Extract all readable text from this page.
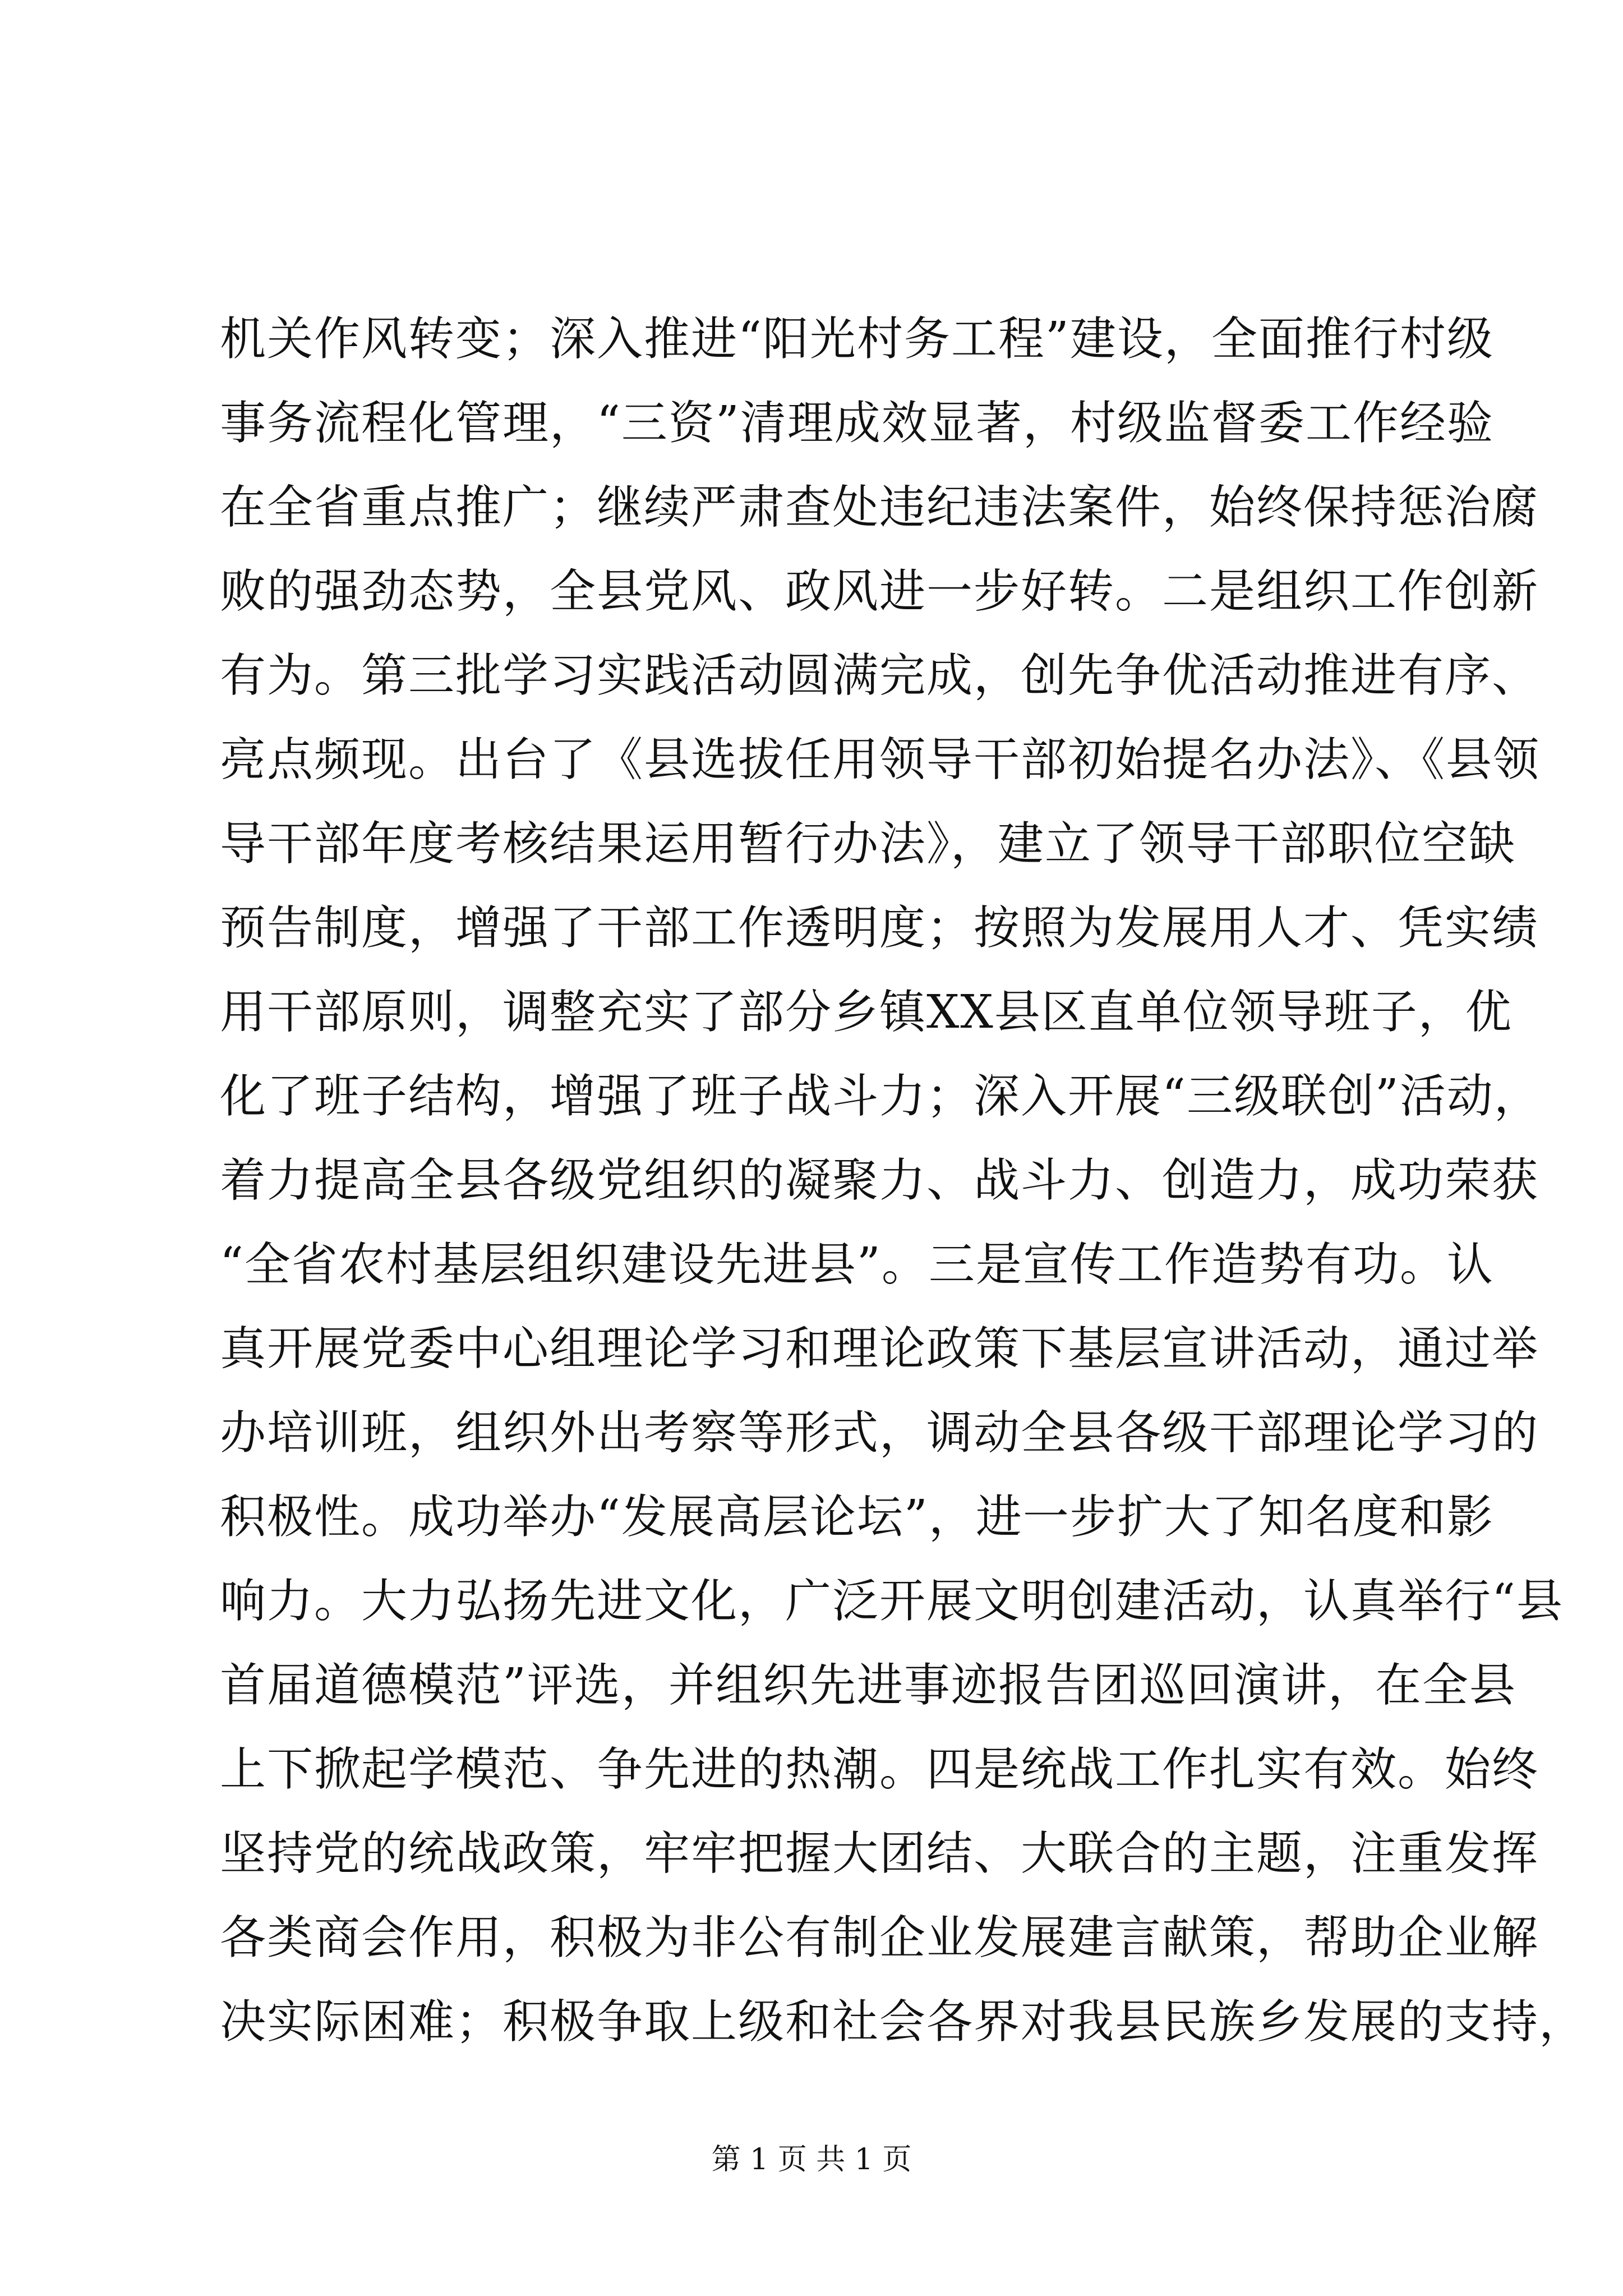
机关作风转变；深入推进“阳光村务工程”建设，全面推行村级
事务流程化管理，“三资”清理成效显著，村级监督委工作经验
在全省重点推广；继续严肃查处违纪违法案件，始终保持惩治腐
败的强劲态势，全县党风、政风进一步好转。二是组织工作创新
有为。第三批学习实践活动圆满完成，创先争优活动推进有序、
亮点频现。出台了《县选拔任用领导干部初始提名办法》、《县领
导干部年度考核结果运用暂行办法》，建立了领导干部职位空缺
预告制度，增强了干部工作透明度；按照为发展用人才、凭实绩
用干部原则，调整充实了部分乡镇XX县区直单位领导班子，优
化了班子结构，增强了班子战斗力；深入开展“三级联创”活动，
着力提高全县各级党组织的凝聚力、战斗力、创造力，成功荣获
“全省农村基层组织建设先进县”。三是宣传工作造势有功。认
真开展党委中心组理论学习和理论政策下基层宣讲活动，通过举
办培训班，组织外出考察等形式，调动全县各级干部理论学习的
积极性。成功举办“发展高层论坛”，进一步扩大了知名度和影
响力。大力弘扬先进文化，广泛开展文明创建活动，认真举行“县
首届道德模范”评选，并组织先进事迹报告团巡回演讲，在全县
上下掀起学模范、争先进的热潮。四是统战工作扎实有效。始终
坚持党的统战政策，牢牢把握大团结、大联合的主题，注重发挥
各类商会作用，积极为非公有制企业发展建言献策，帮助企业解
决实际困难；积极争取上级和社会各界对我县民族乡发展的支持，
第 1 页 共 1 页
